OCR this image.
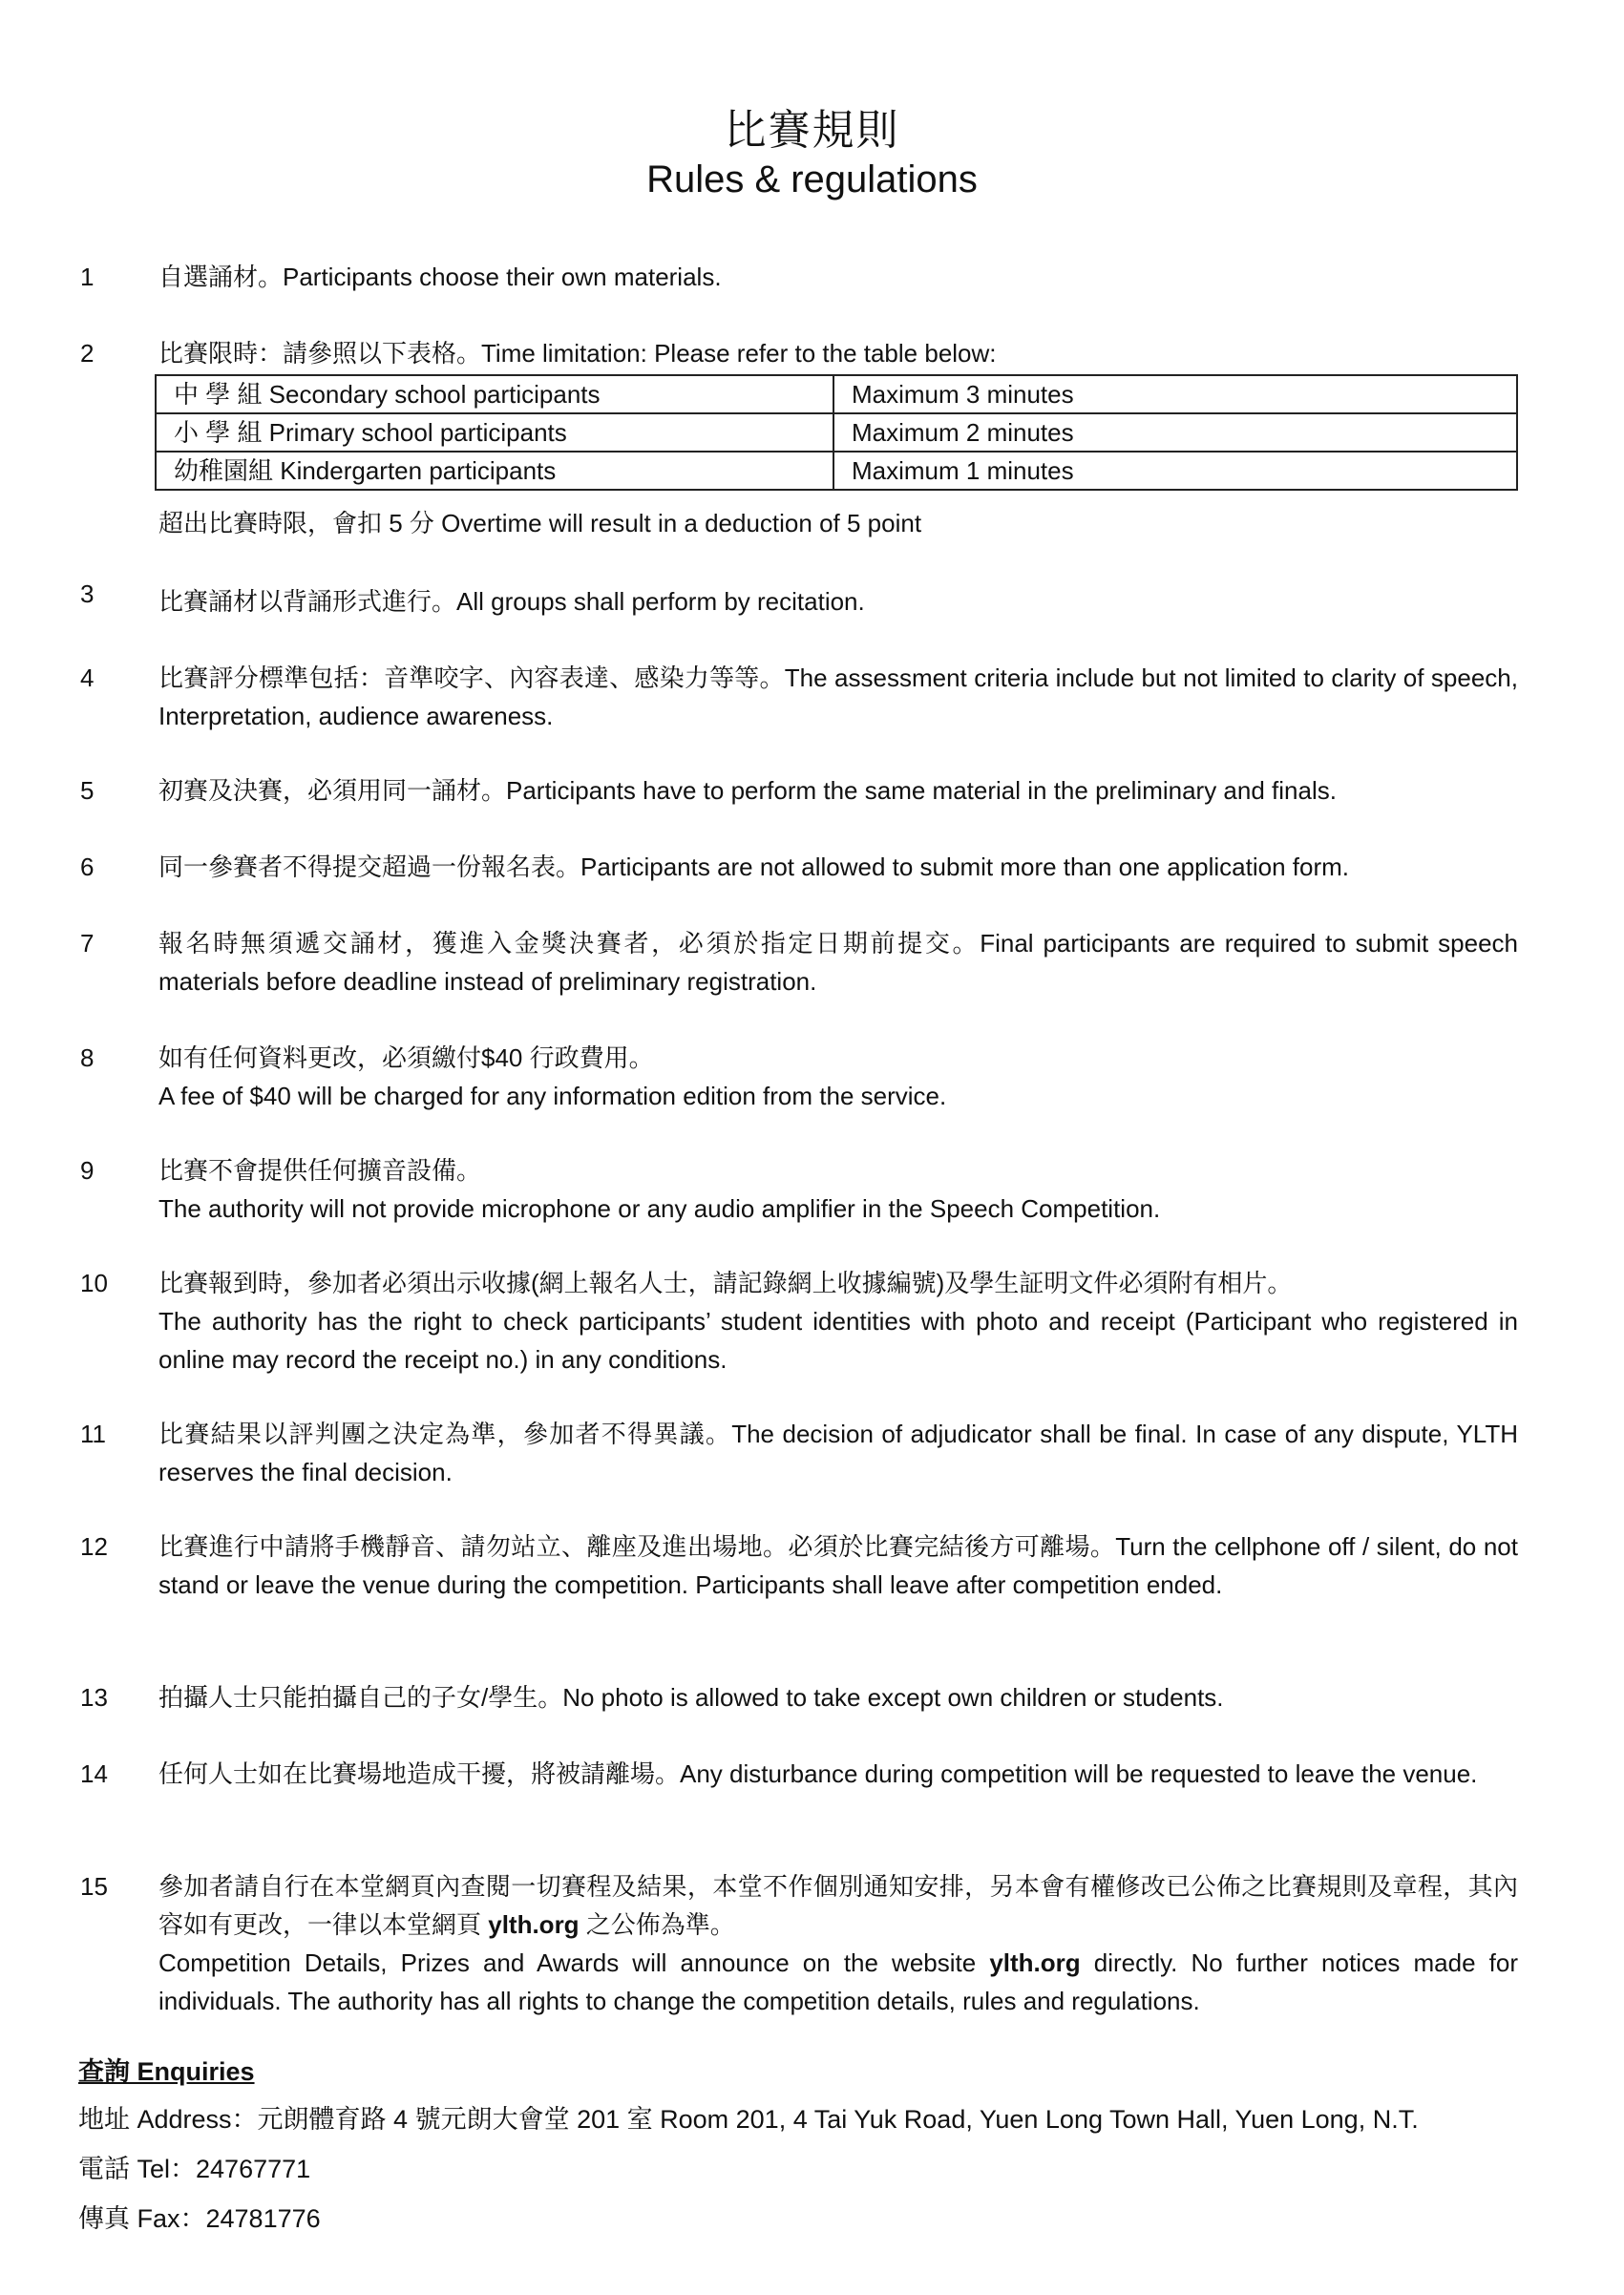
比賽規則
Rules & regulations
1	自選誦材。Participants choose their own materials.

2	比賽限時：請參照以下表格。Time limitation: Please refer to the table below:

中 學 組 Secondary school participants	Maximum 3 minutes
小 學 組 Primary school participants	Maximum 2 minutes
幼稚園組 Kindergarten participants	Maximum 1 minutes
超出比賽時限，會扣 5 分 Overtime will result in a deduction of 5 point
3	比賽誦材以背誦形式進行。All groups shall perform by recitation.

4	比賽評分標準包括：音準咬字、內容表達、感染力等等。The assessment criteria include but not limited to clarity of speech, Interpretation, audience awareness.

5	初賽及決賽，必須用同一誦材。Participants have to perform the same material in the preliminary and finals.

6	同一參賽者不得提交超過一份報名表。Participants are not allowed to submit more than one application form.

7	報名時無須遞交誦材，獲進入金獎決賽者，必須於指定日期前提交。Final participants are required to submit speech materials before deadline instead of preliminary registration.

8	如有任何資料更改，必須繳付$40 行政費用。

A fee of $40 will be charged for any information edition from the service.

9	比賽不會提供任何擴音設備。

The authority will not provide microphone or any audio amplifier in the Speech Competition.

10	比賽報到時，參加者必須出示收據(網上報名人士，請記錄網上收據編號)及學生証明文件必須附有相片。

The authority has the right to check participants’ student identities with photo and receipt (Participant who registered in online may record the receipt no.) in any conditions.

11	比賽結果以評判團之決定為準，參加者不得異議。The decision of adjudicator shall be final. In case of any dispute, YLTH reserves the final decision.

12	比賽進行中請將手機靜音、請勿站立、離座及進出場地。必須於比賽完結後方可離場。Turn the cellphone off / silent, do not stand or leave the venue during the competition. Participants shall leave after competition ended.

13	拍攝人士只能拍攝自己的子女/學生。No photo is allowed to take except own children or students.

14	任何人士如在比賽場地造成干擾，將被請離場。Any disturbance during competition will be requested to leave the venue.

15	參加者請自行在本堂網頁內查閱一切賽程及結果，本堂不作個別通知安排，另本會有權修改已公佈之比賽規則及章程，其內容如有更改，一律以本堂網頁 ylth.org 之公佈為準。

Competition Details, Prizes and Awards will announce on the website ylth.org directly. No further notices made for individuals. The authority has all rights to change the competition details, rules and regulations.

查詢 Enquiries
地址 Address：元朗體育路 4 號元朗大會堂 201 室 Room 201, 4 Tai Yuk Road, Yuen Long Town Hall, Yuen Long, N.T.
電話 Tel：24767771
傳真 Fax：24781776
